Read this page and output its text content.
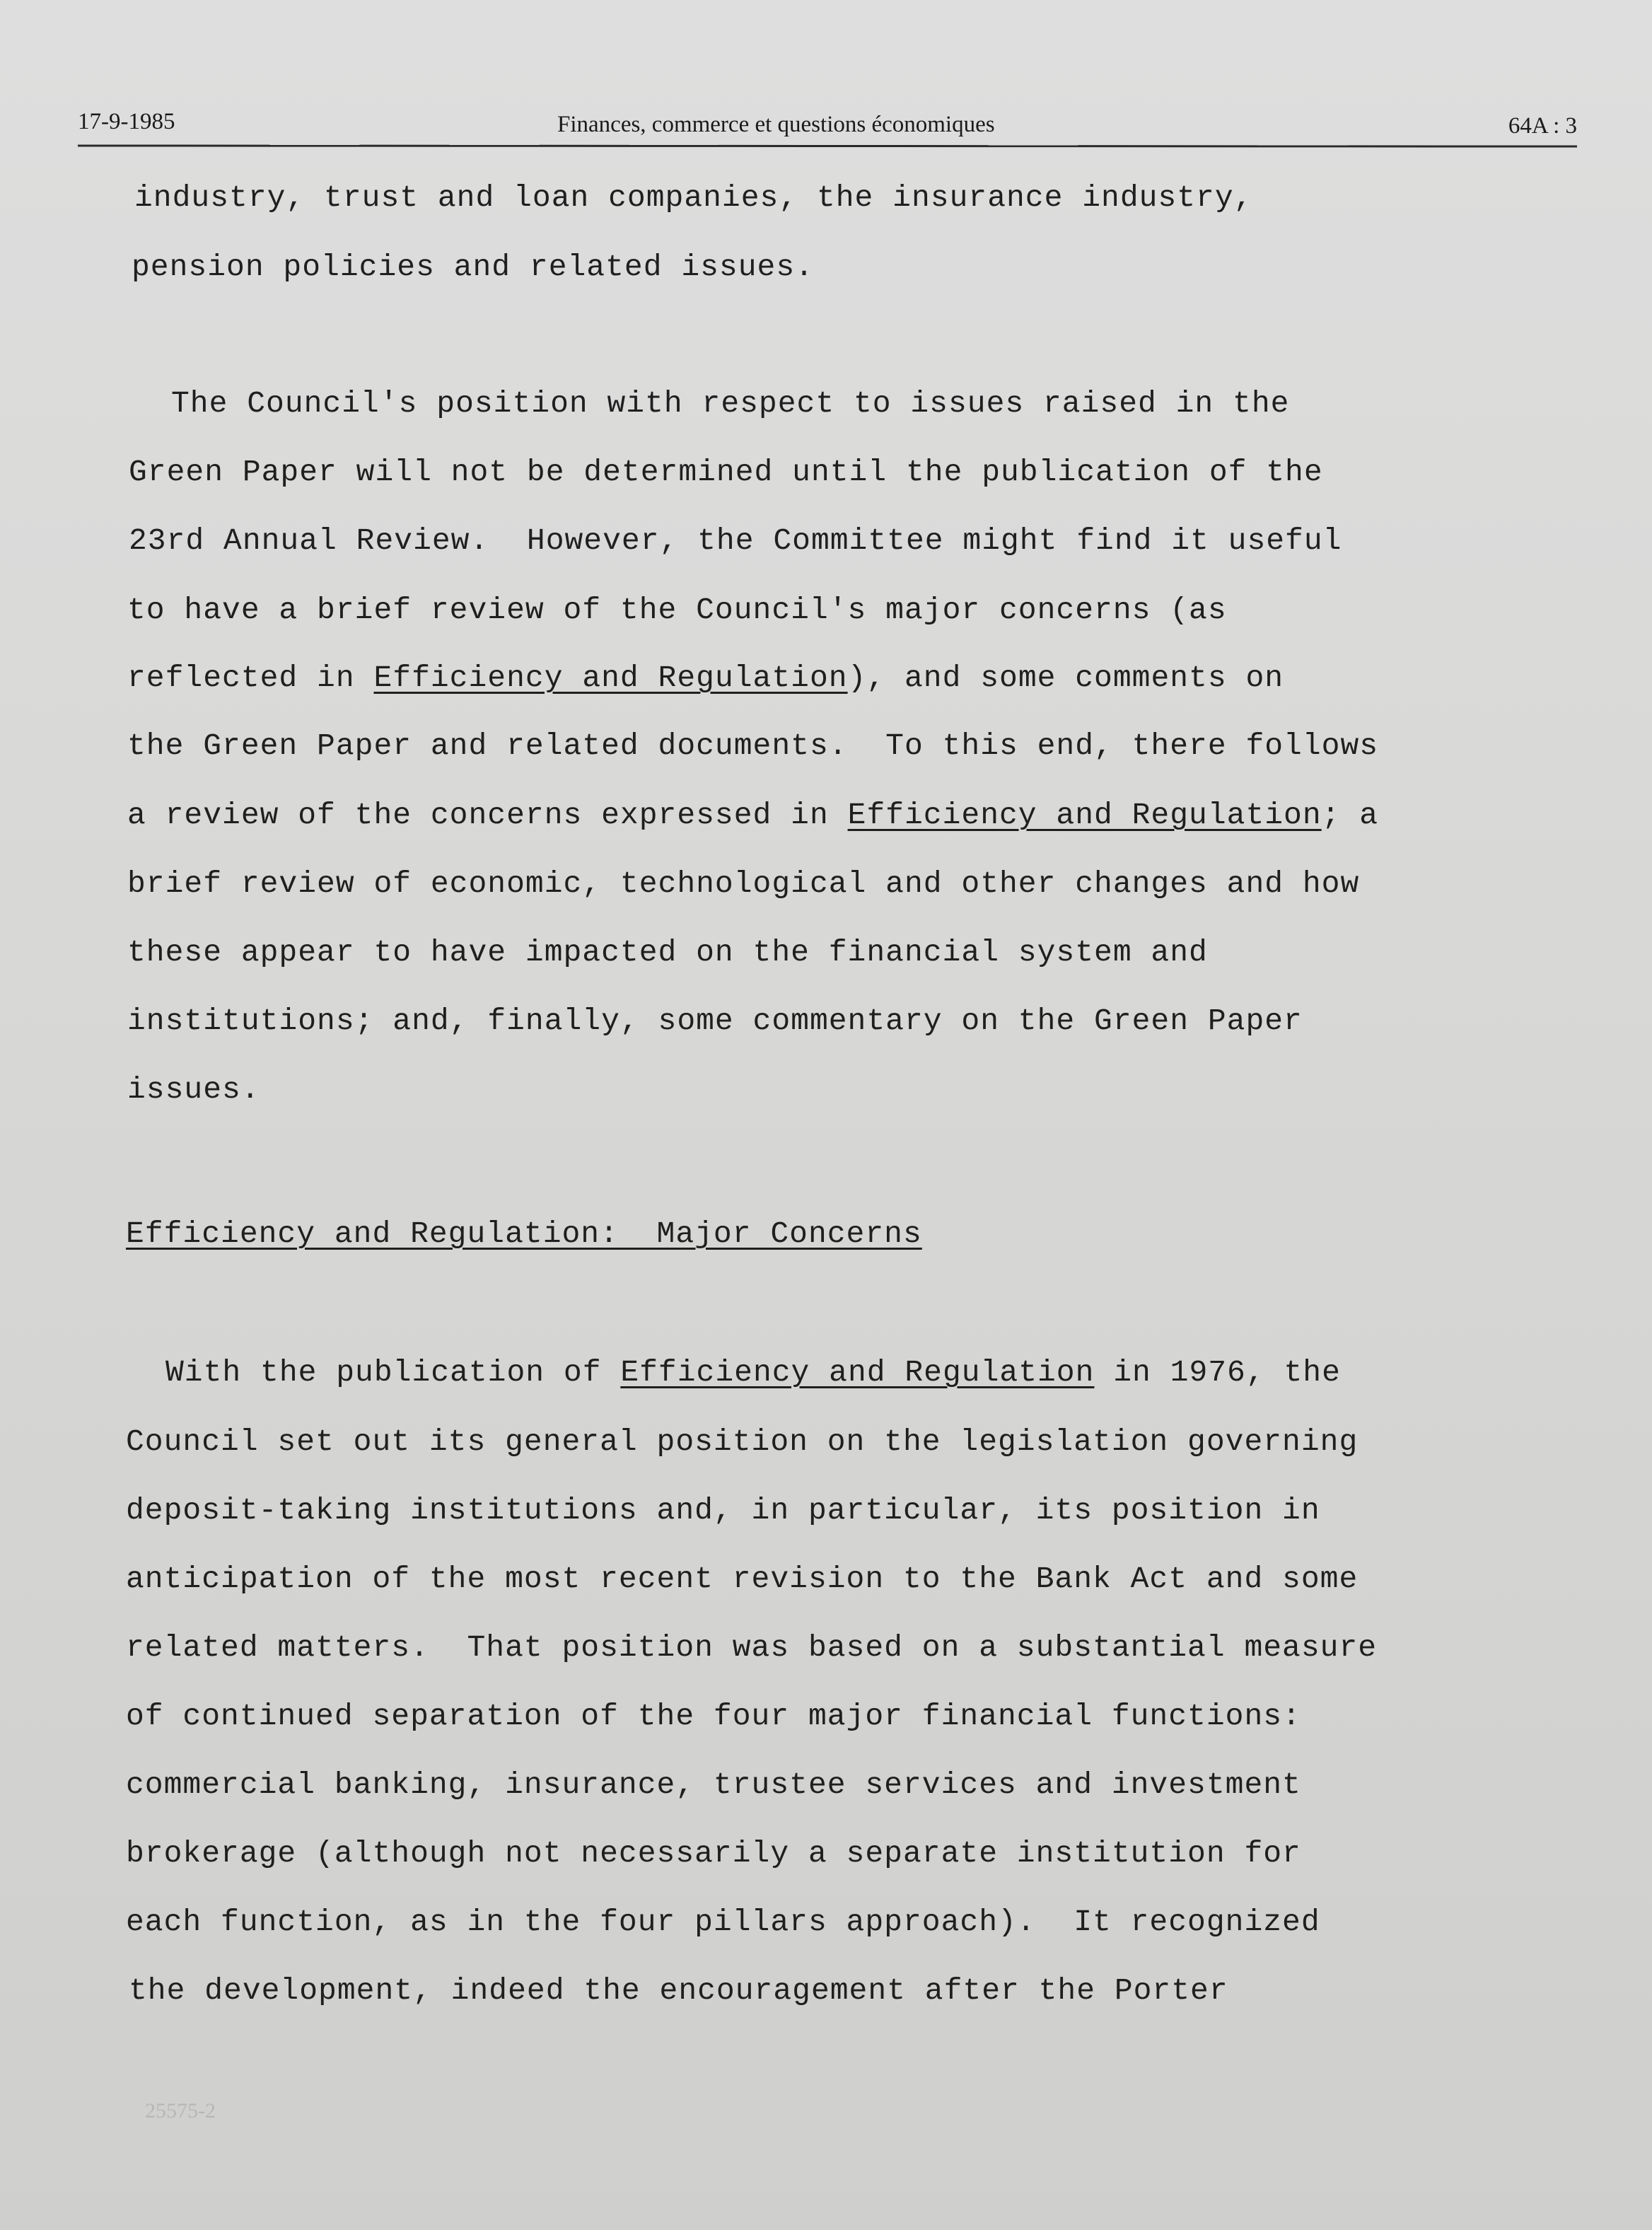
17-9-1985	Finances, commerce et questions économiques	64A : 3
industry, trust and loan companies, the insurance industry,
pension policies and related issues.
The Council's position with respect to issues raised in the
Green Paper will not be determined until the publication of the
23rd Annual Review.  However, the Committee might find it useful
to have a brief review of the Council's major concerns (as
reflected in Efficiency and Regulation), and some comments on
the Green Paper and related documents.  To this end, there follows
a review of the concerns expressed in Efficiency and Regulation; a
brief review of economic, technological and other changes and how
these appear to have impacted on the financial system and
institutions; and, finally, some commentary on the Green Paper
issues.
Efficiency and Regulation:  Major Concerns
With the publication of Efficiency and Regulation in 1976, the
Council set out its general position on the legislation governing
deposit-taking institutions and, in particular, its position in
anticipation of the most recent revision to the Bank Act and some
related matters.  That position was based on a substantial measure
of continued separation of the four major financial functions:
commercial banking, insurance, trustee services and investment
brokerage (although not necessarily a separate institution for
each function, as in the four pillars approach).  It recognized
the development, indeed the encouragement after the Porter
25575-2
